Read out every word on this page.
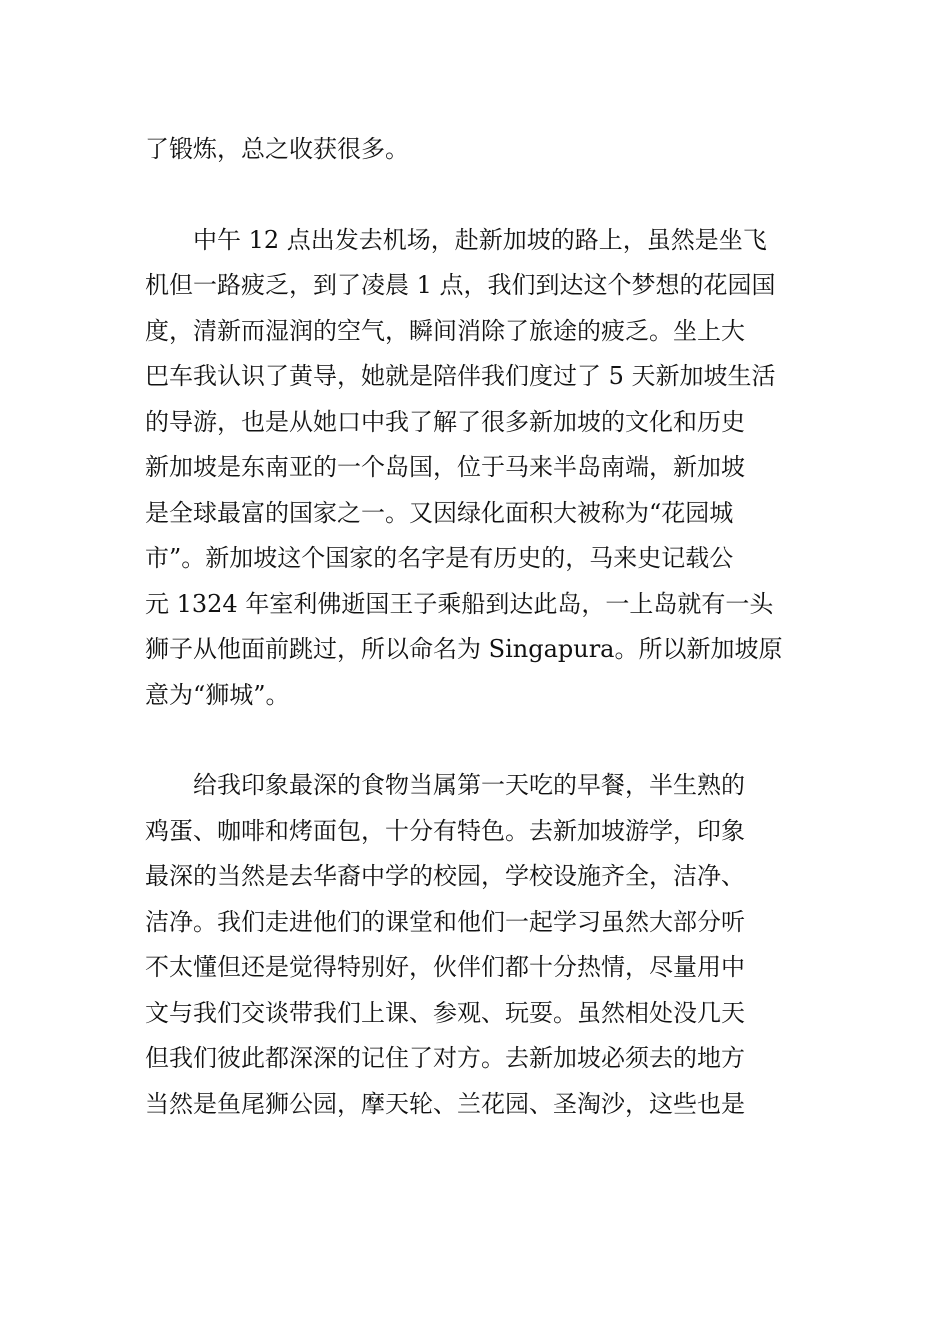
了锻炼，总之收获很多。
　　中午 12 点出发去机场，赴新加坡的路上，虽然是坐飞
机但一路疲乏，到了凌晨 1 点，我们到达这个梦想的花园国
度，清新而湿润的空气，瞬间消除了旅途的疲乏。坐上大
巴车我认识了黄导，她就是陪伴我们度过了 5 天新加坡生活
的导游，也是从她口中我了解了很多新加坡的文化和历史
新加坡是东南亚的一个岛国，位于马来半岛南端，新加坡
是全球最富的国家之一。又因绿化面积大被称为“花园城
市”。新加坡这个国家的名字是有历史的，马来史记载公
元 1324 年室利佛逝国王子乘船到达此岛，一上岛就有一头
狮子从他面前跳过，所以命名为 Singapura。所以新加坡原
意为“狮城”。
　　给我印象最深的食物当属第一天吃的早餐，半生熟的
鸡蛋、咖啡和烤面包，十分有特色。去新加坡游学，印象
最深的当然是去华裔中学的校园，学校设施齐全，洁净、
洁净。我们走进他们的课堂和他们一起学习虽然大部分听
不太懂但还是觉得特别好，伙伴们都十分热情，尽量用中
文与我们交谈带我们上课、参观、玩耍。虽然相处没几天
但我们彼此都深深的记住了对方。去新加坡必须去的地方
当然是鱼尾狮公园，摩天轮、兰花园、圣淘沙，这些也是
